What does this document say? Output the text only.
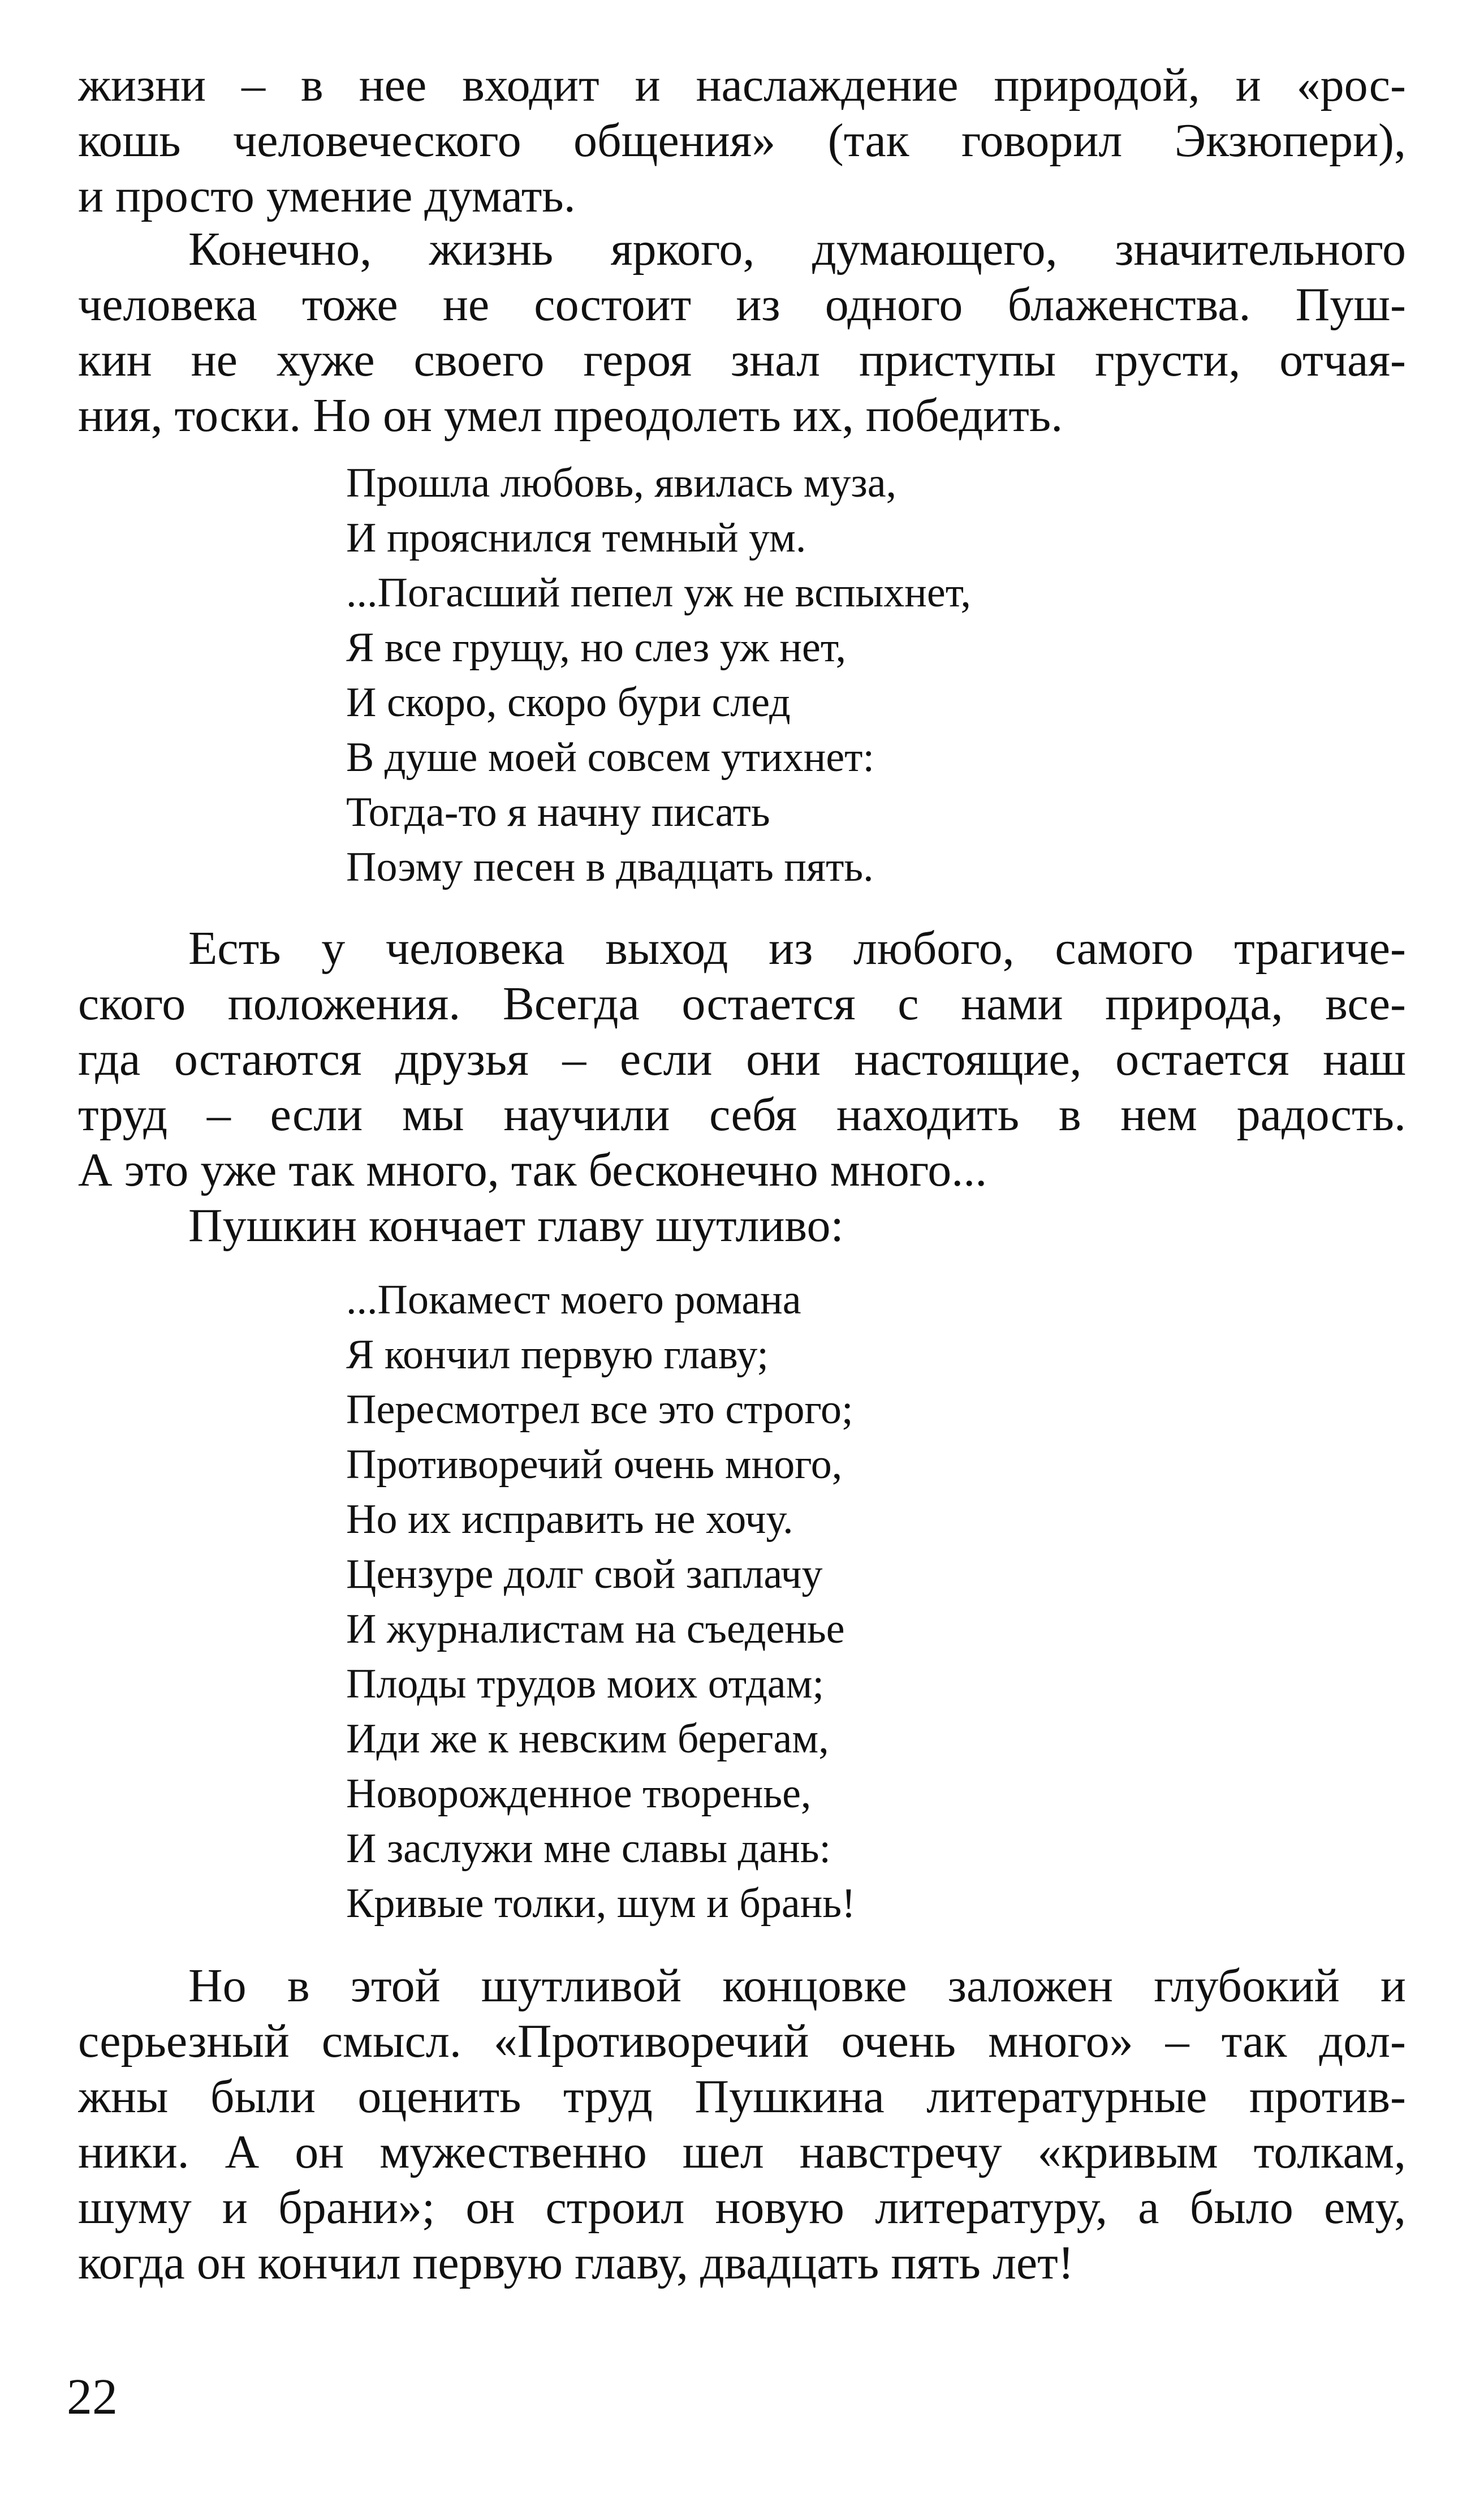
жизни – в нее входит и наслаждение природой, и «рос-
кошь человеческого общения» (так говорил Экзюпери),
и просто умение думать.
Конечно, жизнь яркого, думающего, значительного
человека тоже не состоит из одного блаженства. Пуш-
кин не хуже своего героя знал приступы грусти, отчая-
ния, тоски. Но он умел преодолеть их, победить.
Прошла любовь, явилась муза,
И прояснился темный ум.
...Погасший пепел уж не вспыхнет,
Я все грущу, но слез уж нет,
И скоро, скоро бури след
В душе моей совсем утихнет:
Тогда-то я начну писать
Поэму песен в двадцать пять.
Есть у человека выход из любого, самого трагиче-
ского положения. Всегда остается с нами природа, все-
гда остаются друзья – если они настоящие, остается наш
труд – если мы научили себя находить в нем радость.
А это уже так много, так бесконечно много...
Пушкин кончает главу шутливо:
...Покамест моего романа
Я кончил первую главу;
Пересмотрел все это строго;
Противоречий очень много,
Но их исправить не хочу.
Цензуре долг свой заплачу
И журналистам на съеденье
Плоды трудов моих отдам;
Иди же к невским берегам,
Новорожденное творенье,
И заслужи мне славы дань:
Кривые толки, шум и брань!
Но в этой шутливой концовке заложен глубокий и
серьезный смысл. «Противоречий очень много» – так дол-
жны были оценить труд Пушкина литературные против-
ники. А он мужественно шел навстречу «кривым толкам,
шуму и брани»; он строил новую литературу, а было ему,
когда он кончил первую главу, двадцать пять лет!
22
